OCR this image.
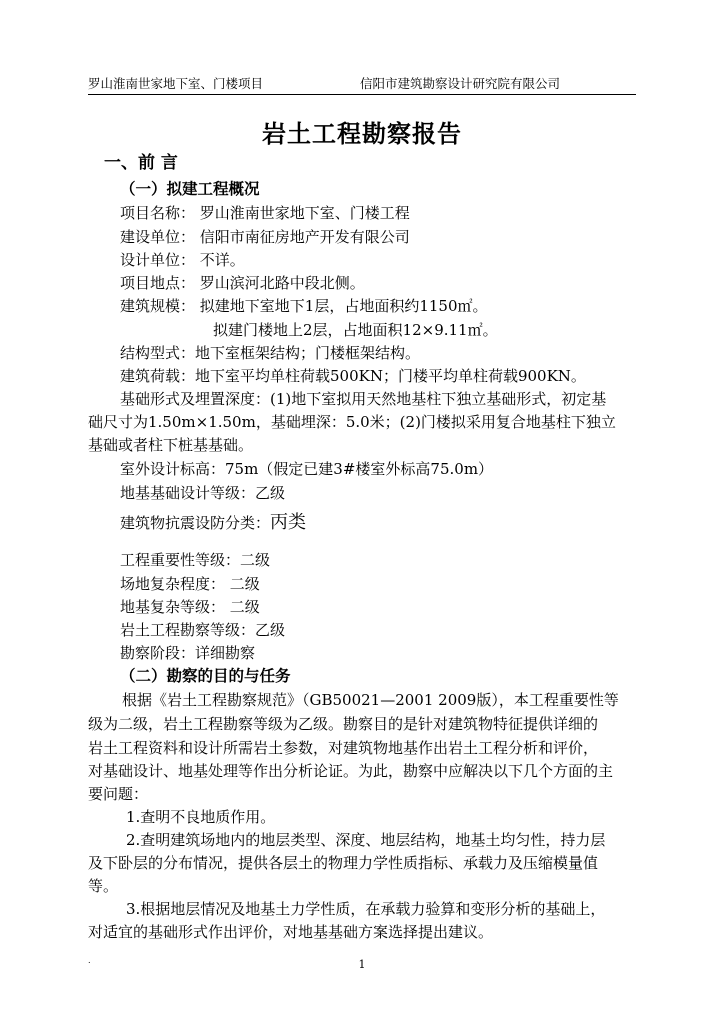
罗山淮南世家地下室、门楼项目	信阳市建筑勘察设计研究院有限公司
岩土工程勘察报告
一、前 言
（一）拟建工程概况
项目名称： 罗山淮南世家地下室、门楼工程
建设单位： 信阳市南征房地产开发有限公司
设计单位： 不详。
项目地点： 罗山滨河北路中段北侧。
建筑规模： 拟建地下室地下1层，占地面积约1150㎡。
拟建门楼地上2层，占地面积12×9.11㎡。
结构型式：地下室框架结构；门楼框架结构。
建筑荷载：地下室平均单柱荷载500KN；门楼平均单柱荷载900KN。
基础形式及埋置深度：(1)地下室拟用天然地基柱下独立基础形式，初定基
础尺寸为1.50m×1.50m，基础埋深：5.0米；(2)门楼拟采用复合地基柱下独立
基础或者柱下桩基基础。
室外设计标高：75m（假定已建3#楼室外标高75.0m）
地基基础设计等级：乙级
建筑物抗震设防分类：丙类
工程重要性等级：二级
场地复杂程度： 二级
地基复杂等级： 二级
岩土工程勘察等级：乙级
勘察阶段：详细勘察
（二）勘察的目的与任务
根据《岩土工程勘察规范》（GB50021—2001 2009版），本工程重要性等
级为二级，岩土工程勘察等级为乙级。勘察目的是针对建筑物特征提供详细的
岩土工程资料和设计所需岩土参数，对建筑物地基作出岩土工程分析和评价，
对基础设计、地基处理等作出分析论证。为此，勘察中应解决以下几个方面的主
要问题：
1.查明不良地质作用。
2.查明建筑场地内的地层类型、深度、地层结构，地基土均匀性，持力层
及下卧层的分布情况，提供各层土的物理力学性质指标、承载力及压缩模量值
等。
3.根据地层情况及地基土力学性质，在承载力验算和变形分析的基础上，
对适宜的基础形式作出评价，对地基基础方案选择提出建议。
.	1
